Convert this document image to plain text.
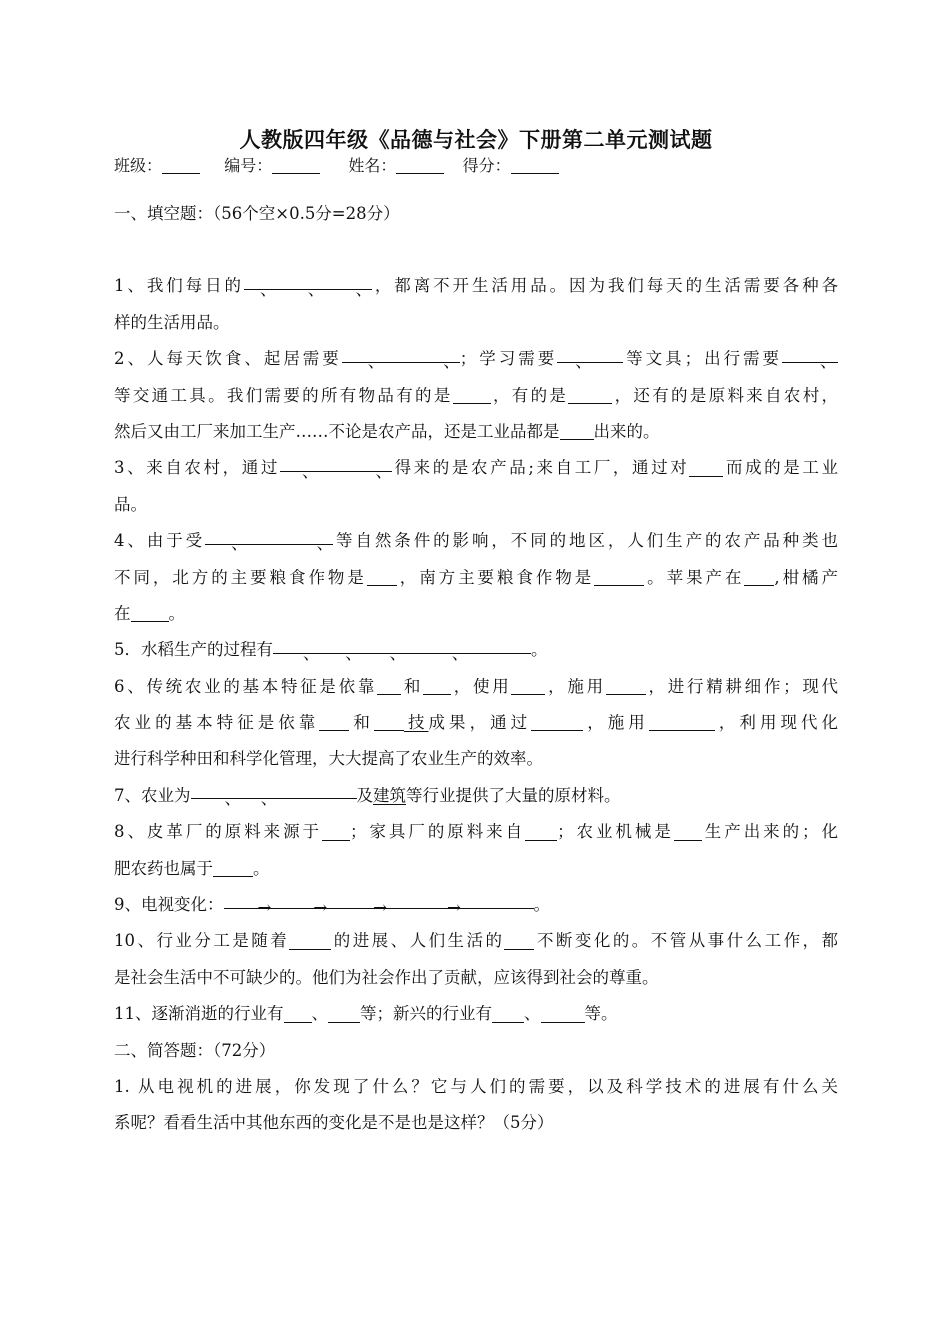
人教版四年级《品德与社会》下册第二单元测试题
班级：	编号：	姓名：	得分：
一、填空题：（56个空×0.5分=28分）
1、我们每日的 、 、 、，都离不开生活用品。因为我们每天的生活需要各种各
样的生活用品。
2、人每天饮食、起居需要 、 、；学习需要 、 等文具；出行需要 、
等交通工具。我们需要的所有物品有的是 ，有的是	，还有的是原料来自农村，
然后又由工厂来加工生产……不论是农产品，还是工业品都是 出来的。
3、来自农村，通过 、 、得来的是农产品;来自工厂，通过对 而成的是工业
品。
4、由于受 、 、等自然条件的影响，不同的地区，人们生产的农产品种类也
不同，北方的主要粮食作物是 ，南方主要粮食作物是	。苹果产在 ,柑橘产
在 。
5．水稻生产的过程有 、 、 、	、	。
6、传统农业的基本特征是依靠 和 ，使用 ，施用 ，进行精耕细作；现代
农业的基本特征是依靠 和 技成果，通过	，施用	，利用现代化
进行科学种田和科学化管理，大大提高了农业生产的效率。
7、农业为 、 、	及建筑等行业提供了大量的原材料。
8、皮革厂的原料来源于 ；家具厂的原料来自 ；农业机械是 生产出来的；化
肥农药也属于 。
9、电视变化： →	→	→	→	。
10、行业分工是随着	的进展、人们生活的 不断变化的。不管从事什么工作，都
是社会生活中不可缺少的。他们为社会作出了贡献，应该得到社会的尊重。
11、逐渐消逝的行业有 、 等；新兴的行业有 、	等。
二、简答题：（72分）
1. 从电视机的进展，你发现了什么？它与人们的需要，以及科学技术的进展有什么关
系呢？看看生活中其他东西的变化是不是也是这样？（5分）
